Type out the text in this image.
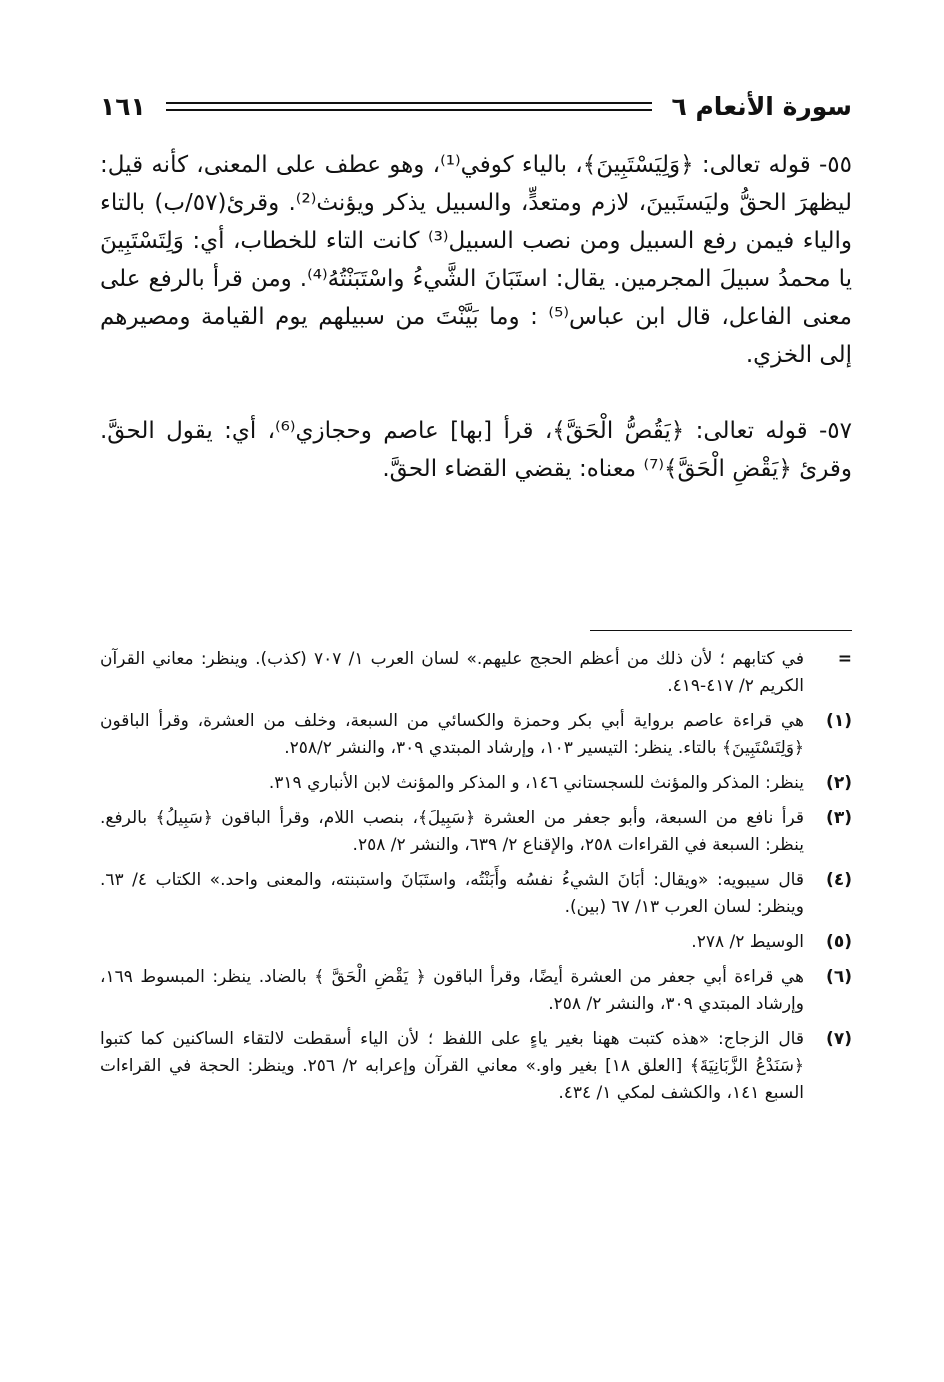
سورة الأنعام ٦
١٦١

٥٥- قوله تعالى: ﴿وَلِيَسْتَبِينَ﴾، بالياء كوفي⁽¹⁾، وهو عطف على المعنى، كأنه قيل: ليظهرَ الحقُّ وليَستَبينَ، لازم ومتعدٍّ، والسبيل يذكر ويؤنث⁽²⁾. وقرئ(٥٧/ب) بالتاء والياء فيمن رفع السبيل ومن نصب السبيل⁽³⁾ كانت التاء للخطاب، أي: وَلِتَسْتَبِينَ يا محمدُ سبيلَ المجرمين. يقال: استَبَانَ الشَّيءُ واسْتَبَنْتُهُ⁽⁴⁾. ومن قرأ بالرفع على معنى الفاعل، قال ابن عباس⁽⁵⁾ : وما بَيَّنْتَ من سبيلهم يوم القيامة ومصيرهم إلى الخزي.

٥٧- قوله تعالى: ﴿يَقُصُّ الْحَقَّ﴾، قرأ [بها] عاصم وحجازي⁽⁶⁾، أي: يقول الحقَّ. وقرئ ﴿يَقْضِ الْحَقَّ﴾⁽⁷⁾ معناه: يقضي القضاء الحقَّ.

=
في كتابهم ؛ لأن ذلك من أعظم الحجج عليهم.» لسان العرب ١/ ٧٠٧ (كذب). وينظر: معاني القرآن الكريم ٢/ ٤١٧-٤١٩.
(١)
هي قراءة عاصم برواية أبي بكر وحمزة والكسائي من السبعة، وخلف من العشرة، وقرأ الباقون ﴿وَلِتَسْتَبِينَ﴾ بالتاء. ينظر: التيسير ١٠٣، وإرشاد المبتدي ٣٠٩، والنشر ٢٥٨/٢.
(٢)
ينظر: المذكر والمؤنث للسجستاني ١٤٦، و المذكر والمؤنث لابن الأنباري ٣١٩.
(٣)
قرأ نافع من السبعة، وأبو جعفر من العشرة ﴿سَبِيلَ﴾، بنصب اللام، وقرأ الباقون ﴿سَبِيلُ﴾ بالرفع. ينظر: السبعة في القراءات ٢٥٨، والإقناع ٢/ ٦٣٩، والنشر ٢/ ٢٥٨.
(٤)
قال سيبويه: «ويقال: أبَانَ الشيءُ نفسُه وأَبَنْتُه، واستَبَانَ واستبنته، والمعنى واحد.» الكتاب ٤/ ٦٣. وينظر: لسان العرب ١٣/ ٦٧ (بين).
(٥)
الوسيط ٢/ ٢٧٨.
(٦)
هي قراءة أبي جعفر من العشرة أيضًا، وقرأ الباقون ﴿ يَقْضِ الْحَقَّ ﴾ بالضاد. ينظر: المبسوط ١٦٩، وإرشاد المبتدي ٣٠٩، والنشر ٢/ ٢٥٨.
(٧)
قال الزجاج: «هذه كتبت ههنا بغير ياءٍ على اللفظ ؛ لأن الياء أسقطت لالتقاء الساكنين كما كتبوا ﴿سَنَدْعُ الزَّبَانِيَةَ﴾ [العلق ١٨] بغير واو.» معاني القرآن وإعرابه ٢/ ٢٥٦. وينظر: الحجة في القراءات السبع ١٤١، والكشف لمكي ١/ ٤٣٤.
